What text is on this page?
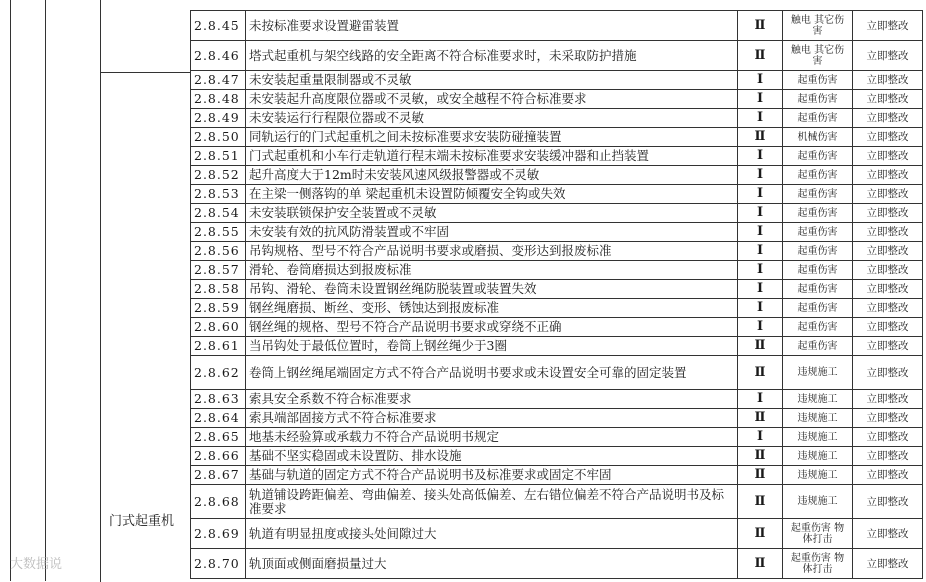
门式起重机
2.8.45	未按标准要求设置避雷装置	Ⅱ	触电 其它伤害	立即整改
2.8.46	塔式起重机与架空线路的安全距离不符合标准要求时，未采取防护措施	Ⅱ	触电 其它伤害	立即整改
2.8.47	未安装起重量限制器或不灵敏	Ⅰ	起重伤害	立即整改
2.8.48	未安装起升高度限位器或不灵敏，或安全越程不符合标准要求	Ⅰ	起重伤害	立即整改
2.8.49	未安装运行行程限位器或不灵敏	Ⅰ	起重伤害	立即整改
2.8.50	同轨运行的门式起重机之间未按标准要求安装防碰撞装置	Ⅱ	机械伤害	立即整改
2.8.51	门式起重机和小车行走轨道行程末端未按标准要求安装缓冲器和止挡装置	Ⅰ	起重伤害	立即整改
2.8.52	起升高度大于12m时未安装风速风级报警器或不灵敏	Ⅰ	起重伤害	立即整改
2.8.53	在主梁一侧落钩的单 梁起重机未设置防倾覆安全钩或失效	Ⅰ	起重伤害	立即整改
2.8.54	未安装联锁保护安全装置或不灵敏	Ⅰ	起重伤害	立即整改
2.8.55	未安装有效的抗风防滑装置或不牢固	Ⅰ	起重伤害	立即整改
2.8.56	吊钩规格、型号不符合产品说明书要求或磨损、变形达到报废标准	Ⅰ	起重伤害	立即整改
2.8.57	滑轮、卷筒磨损达到报废标准	Ⅰ	起重伤害	立即整改
2.8.58	吊钩、滑轮、卷筒未设置钢丝绳防脱装置或装置失效	Ⅰ	起重伤害	立即整改
2.8.59	钢丝绳磨损、断丝、变形、锈蚀达到报废标准	Ⅰ	起重伤害	立即整改
2.8.60	钢丝绳的规格、型号不符合产品说明书要求或穿绕不正确	Ⅰ	起重伤害	立即整改
2.8.61	当吊钩处于最低位置时，卷筒上钢丝绳少于3圈	Ⅱ	起重伤害	立即整改
2.8.62	卷筒上钢丝绳尾端固定方式不符合产品说明书要求或未设置安全可靠的固定装置	Ⅱ	违规施工	立即整改
2.8.63	索具安全系数不符合标准要求	Ⅰ	违规施工	立即整改
2.8.64	索具端部固接方式不符合标准要求	Ⅱ	违规施工	立即整改
2.8.65	地基未经验算或承载力不符合产品说明书规定	Ⅰ	违规施工	立即整改
2.8.66	基础不坚实稳固或未设置防、排水设施	Ⅱ	违规施工	立即整改
2.8.67	基础与轨道的固定方式不符合产品说明书及标准要求或固定不牢固	Ⅱ	违规施工	立即整改
2.8.68	轨道铺设跨距偏差、弯曲偏差、接头处高低偏差、左右错位偏差不符合产品说明书及标准要求	Ⅱ	违规施工	立即整改
2.8.69	轨道有明显扭度或接头处间隙过大	Ⅱ	起重伤害 物体打击	立即整改
2.8.70	轨顶面或侧面磨损量过大	Ⅱ	起重伤害 物体打击	立即整改
大数据说
